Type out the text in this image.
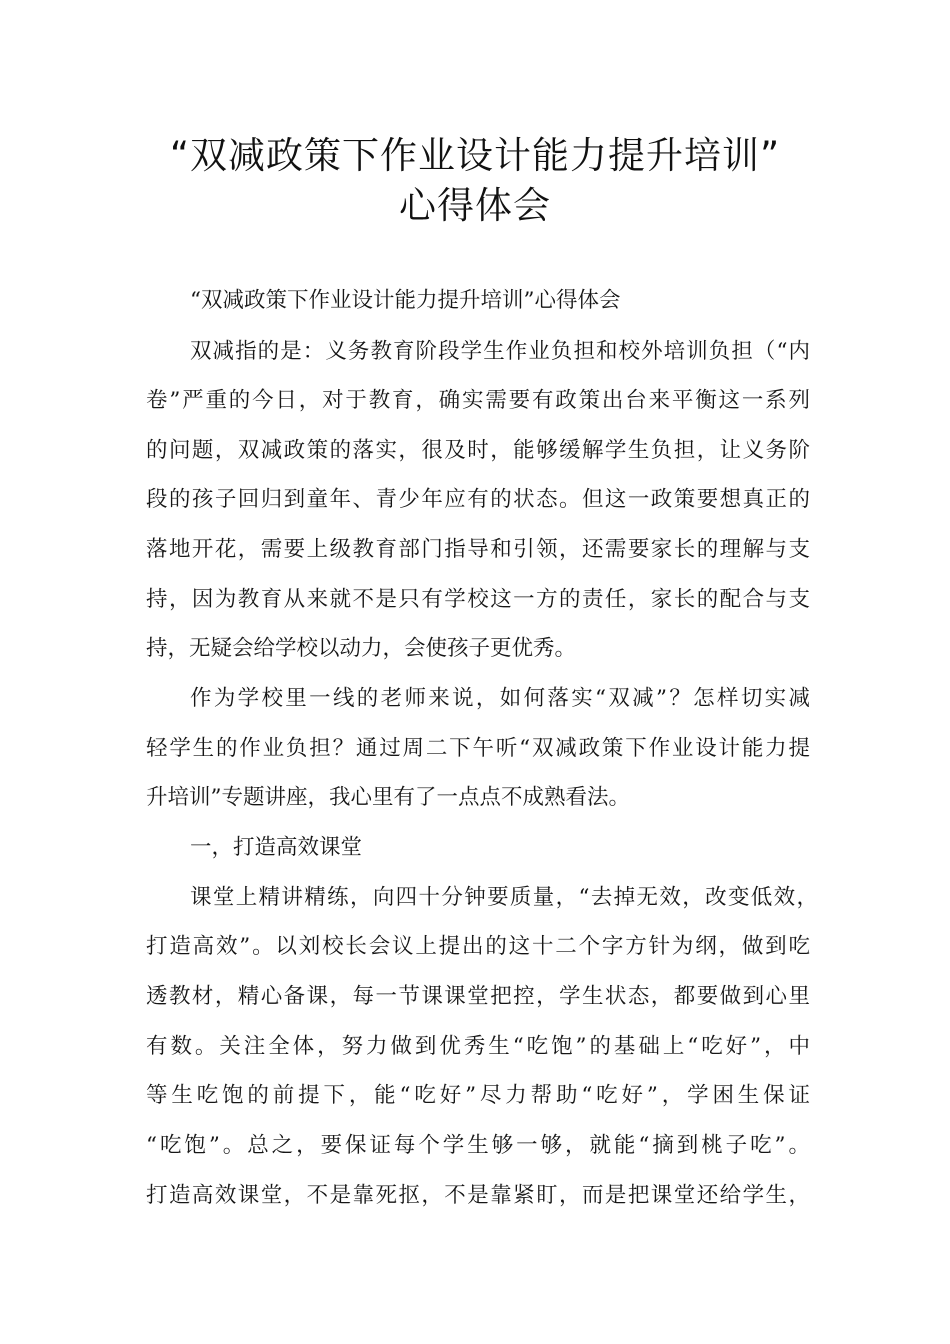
“双减政策下作业设计能力提升培训”
心得体会
“双减政策下作业设计能力提升培训”心得体会
双减指的是：义务教育阶段学生作业负担和校外培训负担（“内
卷”严重的今日，对于教育，确实需要有政策出台来平衡这一系列
的问题，双减政策的落实，很及时，能够缓解学生负担，让义务阶
段的孩子回归到童年、青少年应有的状态。但这一政策要想真正的
落地开花，需要上级教育部门指导和引领，还需要家长的理解与支
持，因为教育从来就不是只有学校这一方的责任，家长的配合与支
持，无疑会给学校以动力，会使孩子更优秀。
作为学校里一线的老师来说，如何落实“双减”？怎样切实减
轻学生的作业负担？通过周二下午听“双减政策下作业设计能力提
升培训”专题讲座，我心里有了一点点不成熟看法。
一，打造高效课堂
课堂上精讲精练，向四十分钟要质量，“去掉无效，改变低效，
打造高效”。以刘校长会议上提出的这十二个字方针为纲，做到吃
透教材，精心备课，每一节课课堂把控，学生状态，都要做到心里
有数。关注全体，努力做到优秀生“吃饱”的基础上“吃好”，中
等生吃饱的前提下，能“吃好”尽力帮助“吃好”，学困生保证
“吃饱”。总之，要保证每个学生够一够，就能“摘到桃子吃”。
打造高效课堂，不是靠死抠，不是靠紧盯，而是把课堂还给学生，
